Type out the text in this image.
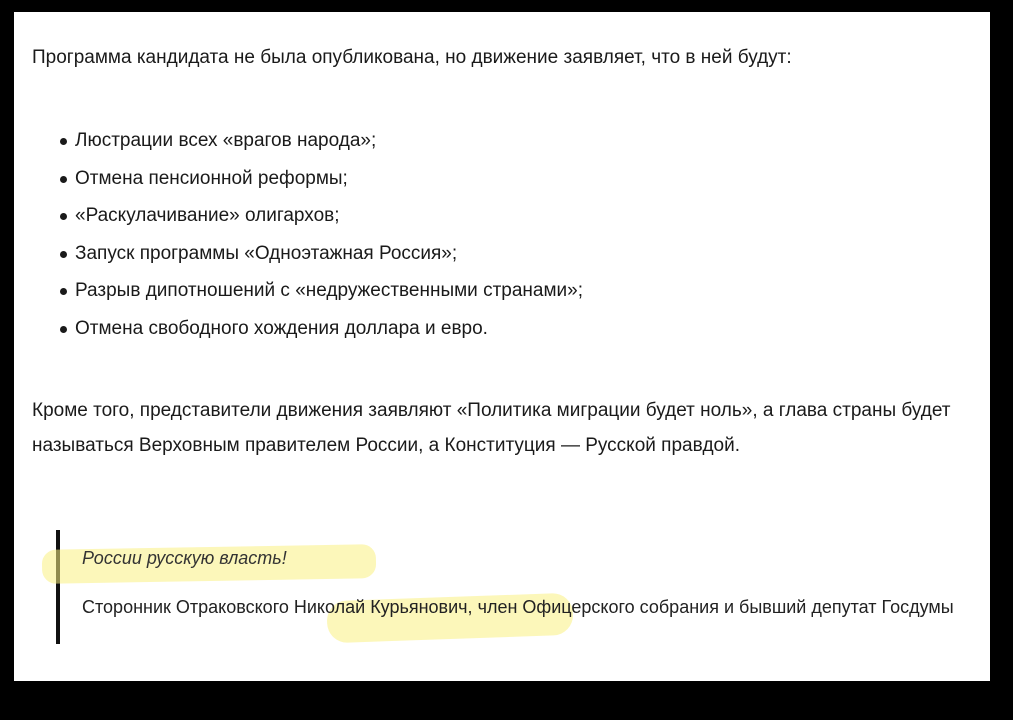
Программа кандидата не была опубликована, но движение заявляет, что в ней будут:

Люстрации всех «врагов народа»;
Отмена пенсионной реформы;
«Раскулачивание» олигархов;
Запуск программы «Одноэтажная Россия»;
Разрыв дипотношений с «недружественными странами»;
Отмена свободного хождения доллара и евро.

Кроме того, представители движения заявляют «Политика миграции будет ноль», а глава страны будет называться Верховным правителем России, а Конституция — Русской правдой.

России русскую власть!
Сторонник Отраковского Николай Курьянович, член Офицерского собрания и бывший депутат Госдумы
